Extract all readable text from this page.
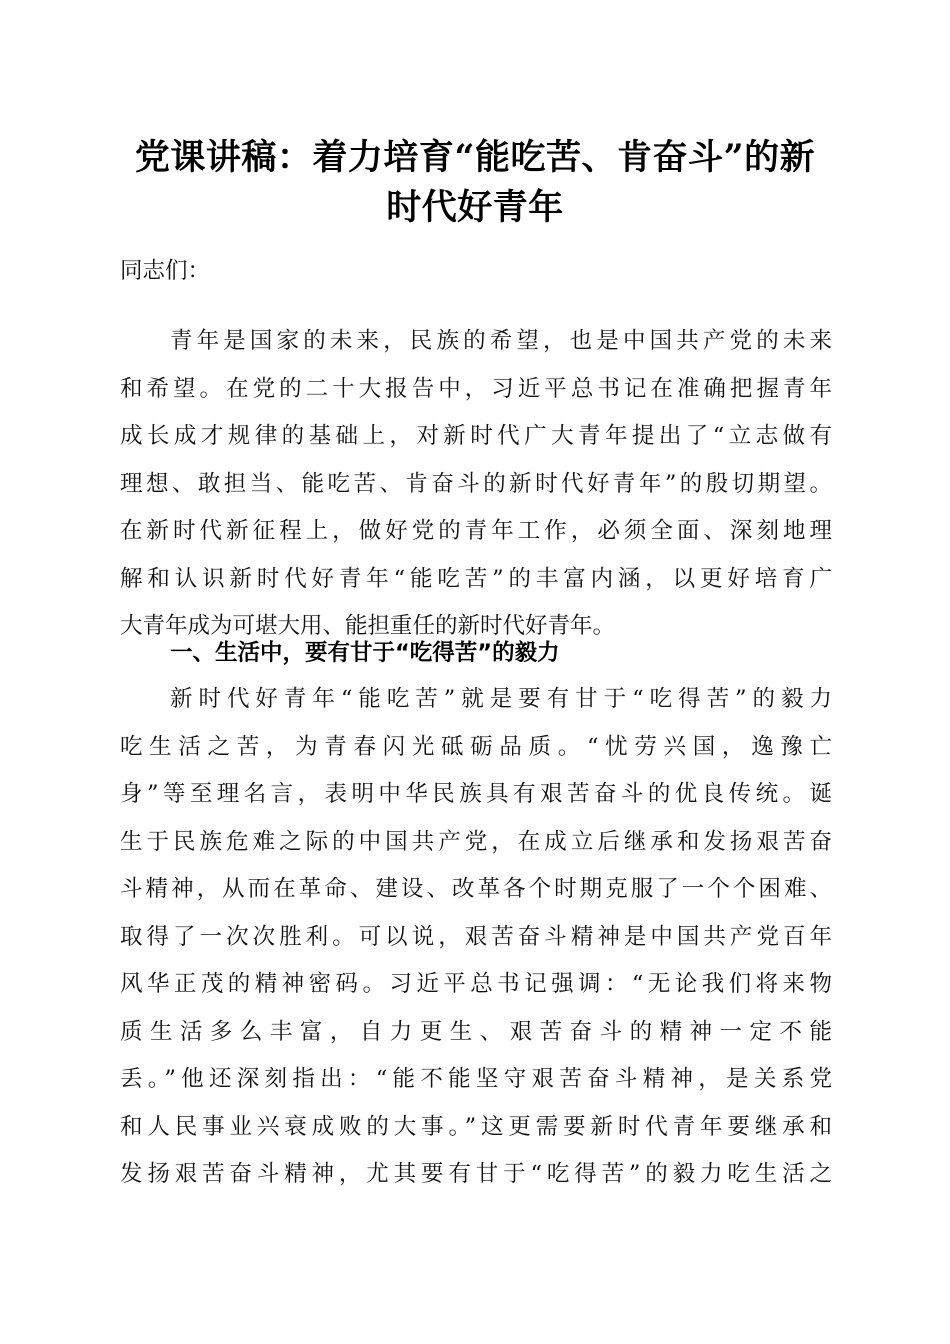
党课讲稿：着力培育“能吃苦、肯奋斗”的新
时代好青年
同志们：
青年是国家的未来，民族的希望，也是中国共产党的未来
和希望。在党的二十大报告中，习近平总书记在准确把握青年
成长成才规律的基础上，对新时代广大青年提出了“立志做有
理想、敢担当、能吃苦、肯奋斗的新时代好青年”的殷切期望。
在新时代新征程上，做好党的青年工作，必须全面、深刻地理
解和认识新时代好青年“能吃苦”的丰富内涵，以更好培育广
大青年成为可堪大用、能担重任的新时代好青年。
一、生活中，要有甘于“吃得苦”的毅力
新时代好青年“能吃苦”就是要有甘于“吃得苦”的毅力
吃生活之苦，为青春闪光砥砺品质。“忧劳兴国，逸豫亡
身”等至理名言，表明中华民族具有艰苦奋斗的优良传统。诞
生于民族危难之际的中国共产党，在成立后继承和发扬艰苦奋
斗精神，从而在革命、建设、改革各个时期克服了一个个困难、
取得了一次次胜利。可以说，艰苦奋斗精神是中国共产党百年
风华正茂的精神密码。习近平总书记强调：“无论我们将来物
质生活多么丰富，自力更生、艰苦奋斗的精神一定不能
丢。”他还深刻指出：“能不能坚守艰苦奋斗精神，是关系党
和人民事业兴衰成败的大事。”这更需要新时代青年要继承和
发扬艰苦奋斗精神，尤其要有甘于“吃得苦”的毅力吃生活之
